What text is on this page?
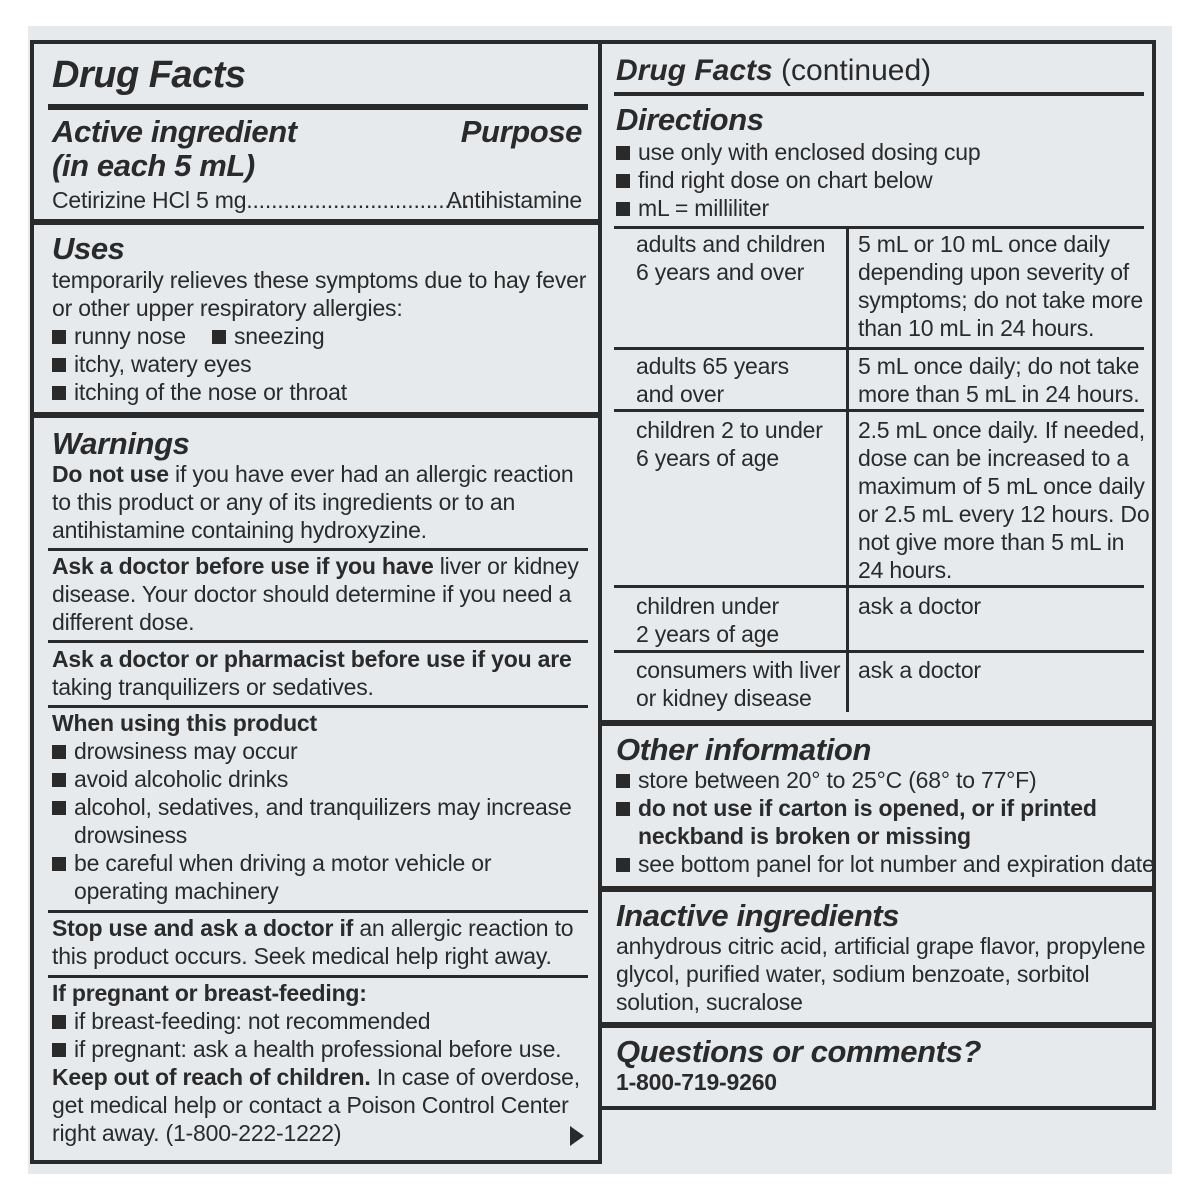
Drug Facts
Active ingredient
(in each 5 mL)
Purpose
Cetirizine HCl 5 mg....................................
Antihistamine
Uses
temporarily relieves these symptoms due to hay fever
or other upper respiratory allergies:
runny nose	sneezing
itchy, watery eyes
itching of the nose or throat
Warnings
Do not use if you have ever had an allergic reaction
to this product or any of its ingredients or to an
antihistamine containing hydroxyzine.
Ask a doctor before use if you have liver or kidney
disease. Your doctor should determine if you need a
different dose.
Ask a doctor or pharmacist before use if you are
taking tranquilizers or sedatives.
When using this product
drowsiness may occur
avoid alcoholic drinks
alcohol, sedatives, and tranquilizers may increase
drowsiness
be careful when driving a motor vehicle or
operating machinery
Stop use and ask a doctor if an allergic reaction to
this product occurs. Seek medical help right away.
If pregnant or breast-feeding:
if breast-feeding: not recommended
if pregnant: ask a health professional before use.
Keep out of reach of children. In case of overdose,
get medical help or contact a Poison Control Center
right away. (1-800-222-1222)
Drug Facts (continued)
Directions
use only with enclosed dosing cup
find right dose on chart below
mL = milliliter
adults and children
6 years and over
5 mL or 10 mL once daily
depending upon severity of
symptoms; do not take more
than 10 mL in 24 hours.
adults 65 years
and over
5 mL once daily; do not take
more than 5 mL in 24 hours.
children 2 to under
6 years of age
2.5 mL once daily. If needed,
dose can be increased to a
maximum of 5 mL once daily
or 2.5 mL every 12 hours. Do
not give more than 5 mL in
24 hours.
children under
2 years of age
ask a doctor
consumers with liver
or kidney disease
ask a doctor
Other information
store between 20° to 25°C (68° to 77°F)
do not use if carton is opened, or if printed
neckband is broken or missing
see bottom panel for lot number and expiration date
Inactive ingredients
anhydrous citric acid, artificial grape flavor, propylene
glycol, purified water, sodium benzoate, sorbitol
solution, sucralose
Questions or comments?
1-800-719-9260
